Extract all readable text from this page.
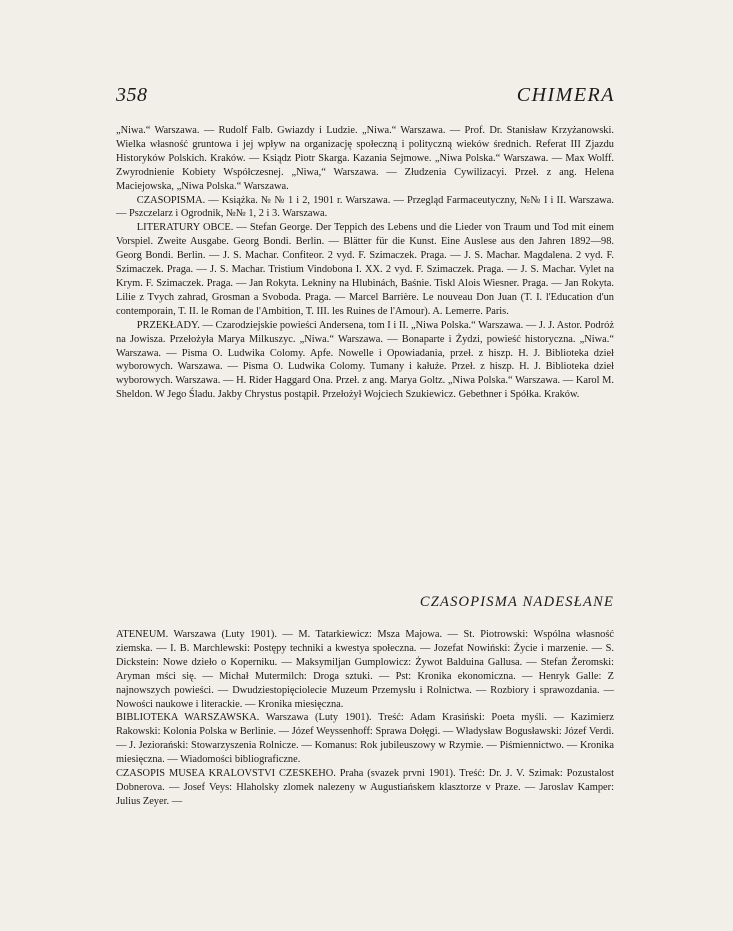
358	CHIMERA

„Niwa.“ Warszawa. — Rudolf Falb. Gwiazdy i Ludzie. „Niwa.“ Warszawa. — Prof. Dr. Stanisław Krzyżanowski. Wielka własność gruntowa i jej wpływ na organizację społeczną i polityczną wieków średnich. Referat III Zjazdu Historyków Polskich. Kraków. — Ksiądz Piotr Skarga. Kazania Sejmowe. „Niwa Polska.“ Warszawa. — Max Wolff. Zwyrodnienie Kobiety Współczesnej. „Niwa,“ Warszawa. — Złudzenia Cywilizacyi. Przeł. z ang. Helena Maciejowska, „Niwa Polska.“ Warszawa.

CZASOPISMA. — Książka. № № 1 i 2, 1901 r. Warszawa. — Przegląd Farmaceutyczny, №№ I i II. Warszawa. — Pszczelarz i Ogrodnik, №№ 1, 2 i 3. Warszawa.

LITERATURY OBCE. — Stefan George. Der Teppich des Lebens und die Lieder von Traum und Tod mit einem Vorspiel. Zweite Ausgabe. Georg Bondi. Berlin. — Blätter für die Kunst. Eine Auslese aus den Jahren 1892—98. Georg Bondi. Berlin. — J. S. Machar. Confiteor. 2 vyd. F. Szimaczek. Praga. — J. S. Machar. Magdalena. 2 vyd. F. Szimaczek. Praga. — J. S. Machar. Tristium Vindobona I. XX. 2 vyd. F. Szimaczek. Praga. — J. S. Machar. Vylet na Krym. F. Szimaczek. Praga. — Jan Rokyta. Lekniny na Hlubinách, Baśnie. Tiskl Alois Wiesner. Praga. — Jan Rokyta. Lilie z Tvych zahrad, Grosman a Svoboda. Praga. — Marcel Barrière. Le nouveau Don Juan (T. I. l'Education d'un contemporain, T. II. le Roman de l'Ambition, T. III. les Ruines de l'Amour). A. Lemerre. Paris.

PRZEKŁADY. — Czarodziejskie powieści Andersena, tom I i II. „Niwa Polska.“ Warszawa. — J. J. Astor. Podróż na Jowisza. Przełożyła Marya Milkuszyc. „Niwa.“ Warszawa. — Bonaparte i Żydzi, powieść historyczna. „Niwa.“ Warszawa. — Pisma O. Ludwika Colomy. Apfe. Nowelle i Opowiadania, przeł. z hiszp. H. J. Biblioteka dzieł wyborowych. Warszawa. — Pisma O. Ludwika Colomy. Tumany i kałuże. Przeł. z hiszp. H. J. Biblioteka dzieł wyborowych. Warszawa. — H. Rider Haggard Ona. Przeł. z ang. Marya Goltz. „Niwa Polska.“ Warszawa. — Karol M. Sheldon. W Jego Śladu. Jakby Chrystus postąpił. Przełożył Wojciech Szukiewicz. Gebethner i Spółka. Kraków.

CZASOPISMA NADESŁANE

ATENEUM. Warszawa (Luty 1901). — M. Tatarkiewicz: Msza Majowa. — St. Piotrowski: Wspólna własność ziemska. — I. B. Marchlewski: Postępy techniki a kwestya społeczna. — Jozefat Nowiński: Życie i marzenie. — S. Dickstein: Nowe dzieło o Koperniku. — Maksymiljan Gumplowicz: Żywot Balduina Gallusa. — Stefan Żeromski: Aryman mści się. — Michał Mutermilch: Droga sztuki. — Pst: Kronika ekonomiczna. — Henryk Galle: Z najnowszych powieści. — Dwudziestopięciolecie Muzeum Przemysłu i Rolnictwa. — Rozbiory i sprawozdania. — Nowości naukowe i literackie. — Kronika miesięczna.

BIBLIOTEKA WARSZAWSKA. Warszawa (Luty 1901). Treść: Adam Krasiński: Poeta myśli. — Kazimierz Rakowski: Kolonia Polska w Berlinie. — Józef Weyssenhoff: Sprawa Dołęgi. — Władysław Bogusławski: Józef Verdi. — J. Jeziorański: Stowarzyszenia Rolnicze. — Komanus: Rok jubileuszowy w Rzymie. — Piśmiennictwo. — Kronika miesięczna. — Wiadomości bibliograficzne.

CZASOPIS MUSEA KRALOVSTVI CZESKEHO. Praha (svazek prvni 1901). Treść: Dr. J. V. Szimak: Pozustalost Dobnerova. — Josef Veys: Hlaholsky zlomek nalezeny w Augustiańskem klasztorze v Praze. — Jaroslav Kamper: Julius Zeyer. —
